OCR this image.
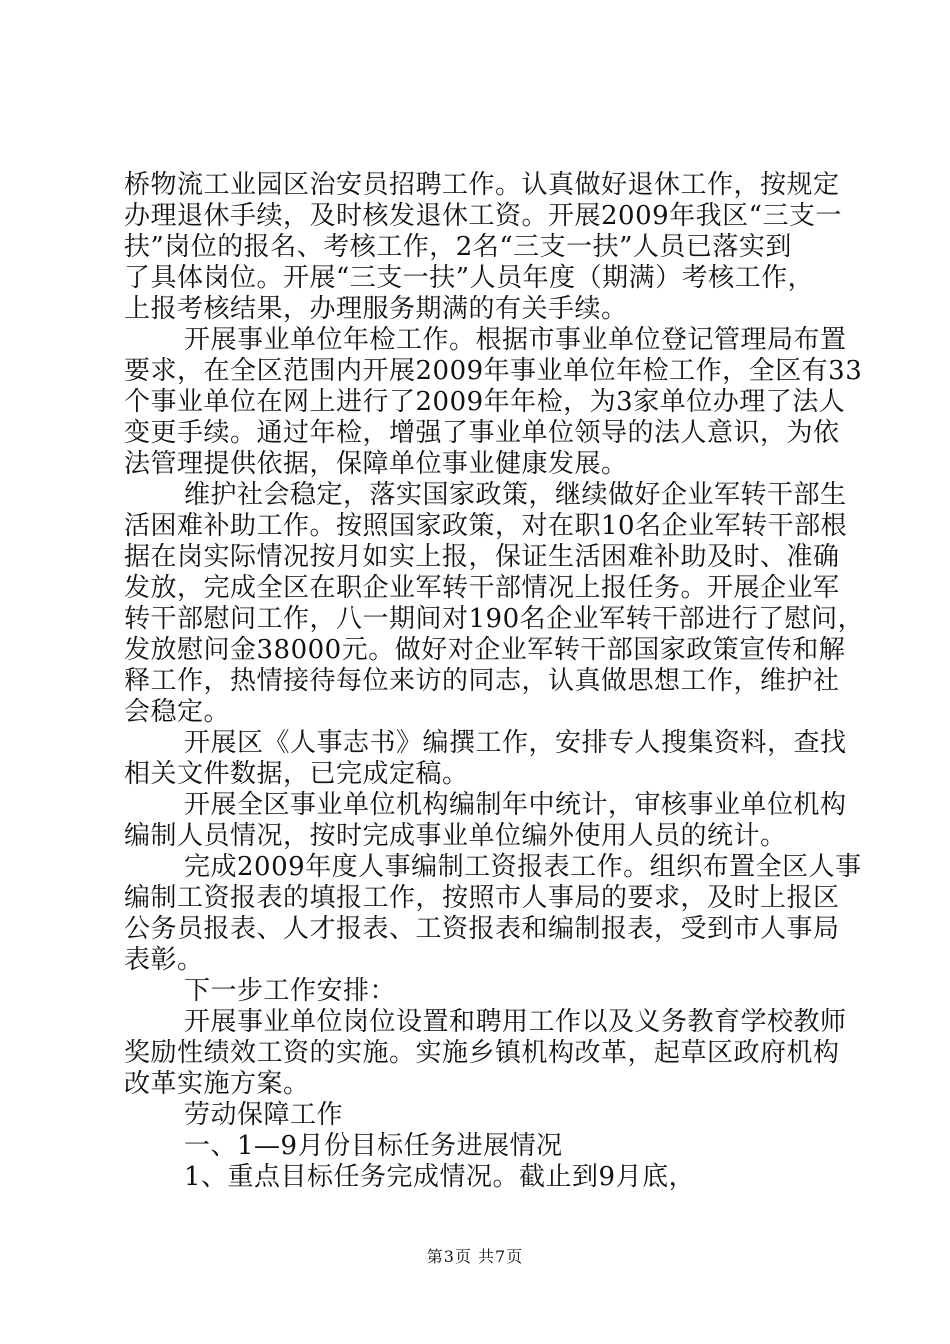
桥物流工业园区治安员招聘工作。认真做好退休工作，按规定
办理退休手续，及时核发退休工资。开展2009年我区“三支一
扶”岗位的报名、考核工作，2名“三支一扶”人员已落实到
了具体岗位。开展“三支一扶”人员年度（期满）考核工作，
上报考核结果，办理服务期满的有关手续。
开展事业单位年检工作。根据市事业单位登记管理局布置
要求，在全区范围内开展2009年事业单位年检工作，全区有33
个事业单位在网上进行了2009年年检，为3家单位办理了法人
变更手续。通过年检，增强了事业单位领导的法人意识，为依
法管理提供依据，保障单位事业健康发展。
维护社会稳定，落实国家政策，继续做好企业军转干部生
活困难补助工作。按照国家政策，对在职10名企业军转干部根
据在岗实际情况按月如实上报，保证生活困难补助及时、准确
发放，完成全区在职企业军转干部情况上报任务。开展企业军
转干部慰问工作，八一期间对190名企业军转干部进行了慰问，
发放慰问金38000元。做好对企业军转干部国家政策宣传和解
释工作，热情接待每位来访的同志，认真做思想工作，维护社
会稳定。
开展区《人事志书》编撰工作，安排专人搜集资料，查找
相关文件数据，已完成定稿。
开展全区事业单位机构编制年中统计，审核事业单位机构
编制人员情况，按时完成事业单位编外使用人员的统计。
完成2009年度人事编制工资报表工作。组织布置全区人事
编制工资报表的填报工作，按照市人事局的要求，及时上报区
公务员报表、人才报表、工资报表和编制报表，受到市人事局
表彰。
下一步工作安排：
开展事业单位岗位设置和聘用工作以及义务教育学校教师
奖励性绩效工资的实施。实施乡镇机构改革，起草区政府机构
改革实施方案。
劳动保障工作
一、1—9月份目标任务进展情况
1、重点目标任务完成情况。截止到9月底，
第3页 共7页
